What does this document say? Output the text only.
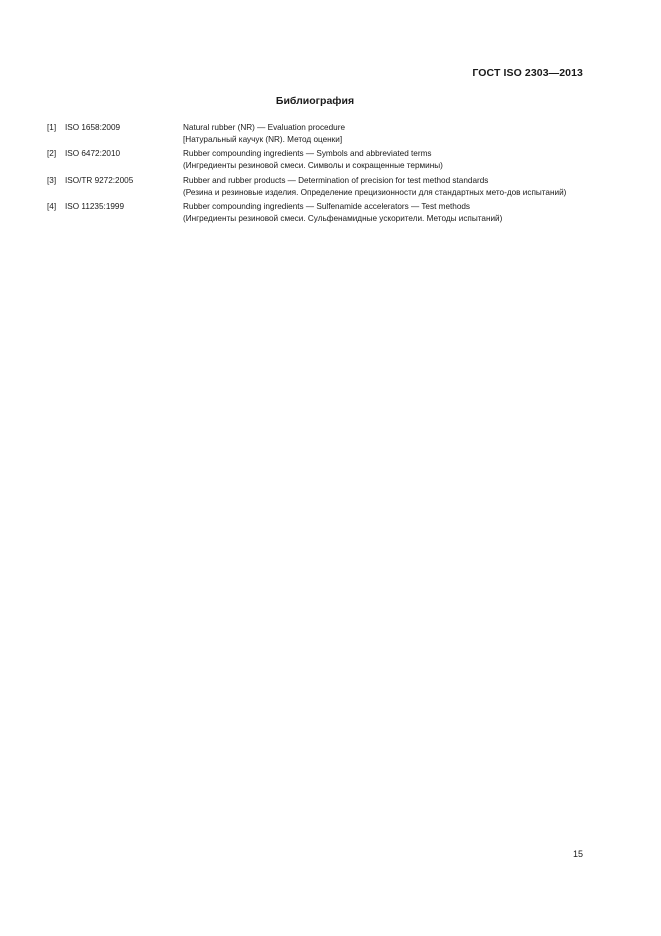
ГОСТ ISO 2303—2013
Библиография
[1] ISO 1658:2009	Natural rubber (NR) — Evaluation procedure
[Натуральный каучук (NR). Метод оценки]
[2] ISO 6472:2010	Rubber compounding ingredients — Symbols and abbreviated terms
(Ингредиенты резиновой смеси. Символы и сокращенные термины)
[3] ISO/TR 9272:2005	Rubber and rubber products — Determination of precision for test method standards
(Резина и резиновые изделия. Определение прецизионности для стандартных мето-дов испытаний)
[4] ISO 11235:1999	Rubber compounding ingredients — Sulfenamide accelerators — Test methods
(Ингредиенты резиновой смеси. Сульфенамидные ускорители. Методы испытаний)
15
